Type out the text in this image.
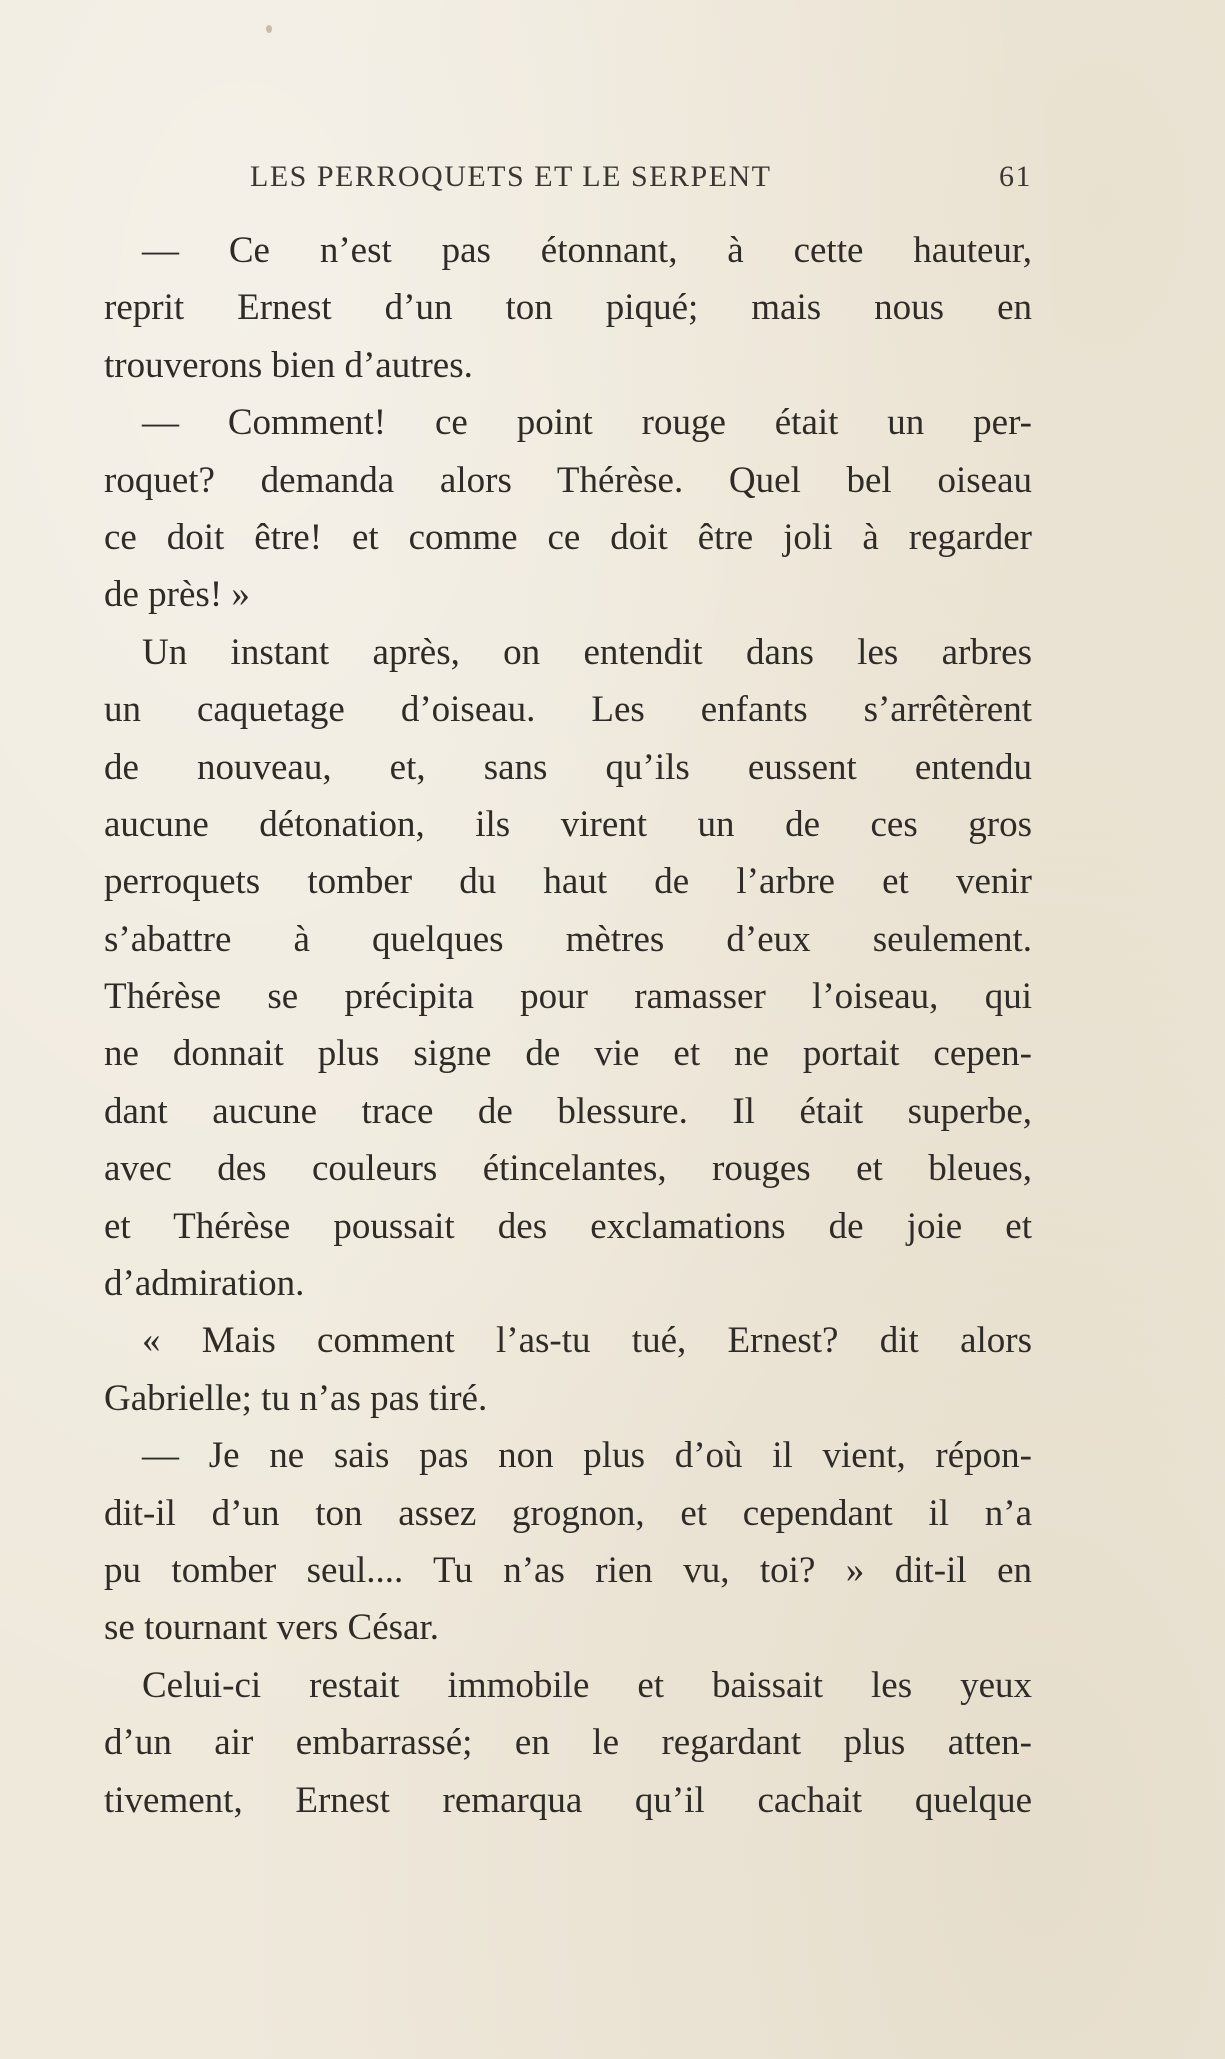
LES PERROQUETS ET LE SERPENT	61
— Ce n’est pas étonnant, à cette hauteur,
reprit Ernest d’un ton piqué; mais nous en
trouverons bien d’autres.
— Comment! ce point rouge était un per-
roquet? demanda alors Thérèse. Quel bel oiseau
ce doit être! et comme ce doit être joli à regarder
de près! »
Un instant après, on entendit dans les arbres
un caquetage d’oiseau. Les enfants s’arrêtèrent
de nouveau, et, sans qu’ils eussent entendu
aucune détonation, ils virent un de ces gros
perroquets tomber du haut de l’arbre et venir
s’abattre à quelques mètres d’eux seulement.
Thérèse se précipita pour ramasser l’oiseau, qui
ne donnait plus signe de vie et ne portait cepen-
dant aucune trace de blessure. Il était superbe,
avec des couleurs étincelantes, rouges et bleues,
et Thérèse poussait des exclamations de joie et
d’admiration.
« Mais comment l’as-tu tué, Ernest? dit alors
Gabrielle; tu n’as pas tiré.
— Je ne sais pas non plus d’où il vient, répon-
dit-il d’un ton assez grognon, et cependant il n’a
pu tomber seul.... Tu n’as rien vu, toi? » dit-il en
se tournant vers César.
Celui-ci restait immobile et baissait les yeux
d’un air embarrassé; en le regardant plus atten-
tivement, Ernest remarqua qu’il cachait quelque
